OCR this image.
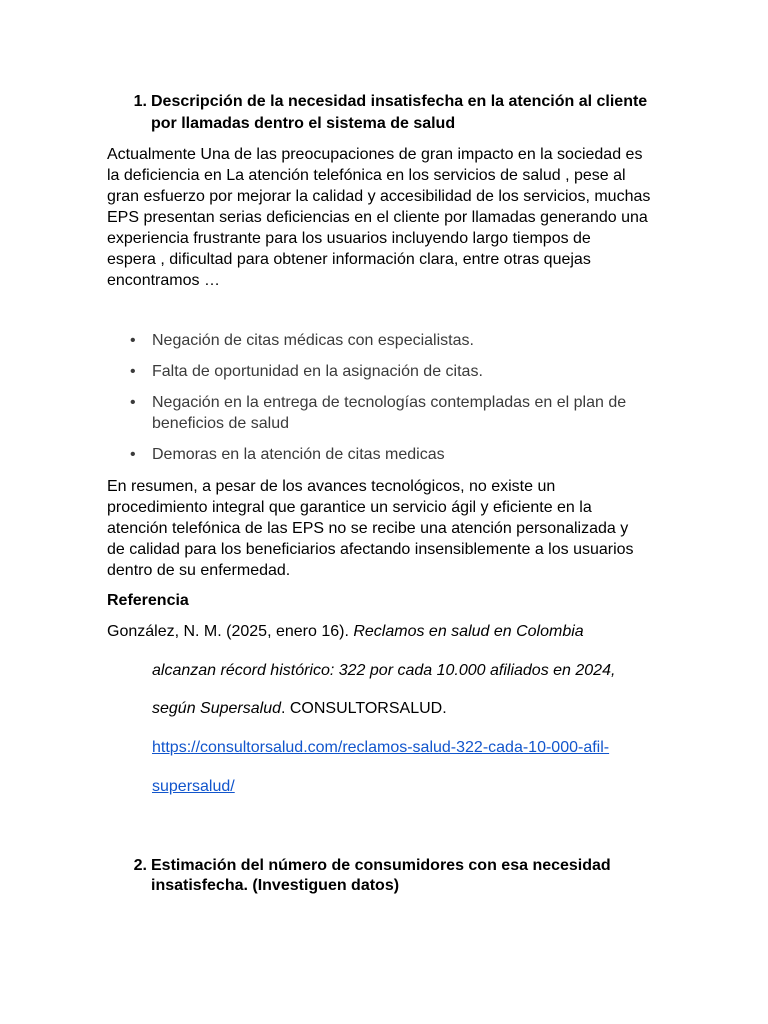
1. Descripción de la necesidad insatisfecha en la atención al cliente
por llamadas dentro el sistema de salud
Actualmente Una de las preocupaciones de gran impacto en la sociedad es
la deficiencia en La atención telefónica en los servicios de salud , pese al
gran esfuerzo por mejorar la calidad y accesibilidad de los servicios, muchas
EPS presentan serias deficiencias en el cliente por llamadas generando una
experiencia frustrante para los usuarios incluyendo largo tiempos de
espera , dificultad para obtener información clara, entre otras quejas
encontramos …
• Negación de citas médicas con especialistas.
• Falta de oportunidad en la asignación de citas.
• Negación en la entrega de tecnologías contempladas en el plan de
beneficios de salud
• Demoras en la atención de citas medicas
En resumen, a pesar de los avances tecnológicos, no existe un
procedimiento integral que garantice un servicio ágil y eficiente en la
atención telefónica de las EPS no se recibe una atención personalizada y
de calidad para los beneficiarios afectando insensiblemente a los usuarios
dentro de su enfermedad.
Referencia
González, N. M. (2025, enero 16). Reclamos en salud en Colombia
alcanzan récord histórico: 322 por cada 10.000 afiliados en 2024,
según Supersalud. CONSULTORSALUD.
https://consultorsalud.com/reclamos-salud-322-cada-10-000-afil-
supersalud/
2. Estimación del número de consumidores con esa necesidad
insatisfecha. (Investiguen datos)
